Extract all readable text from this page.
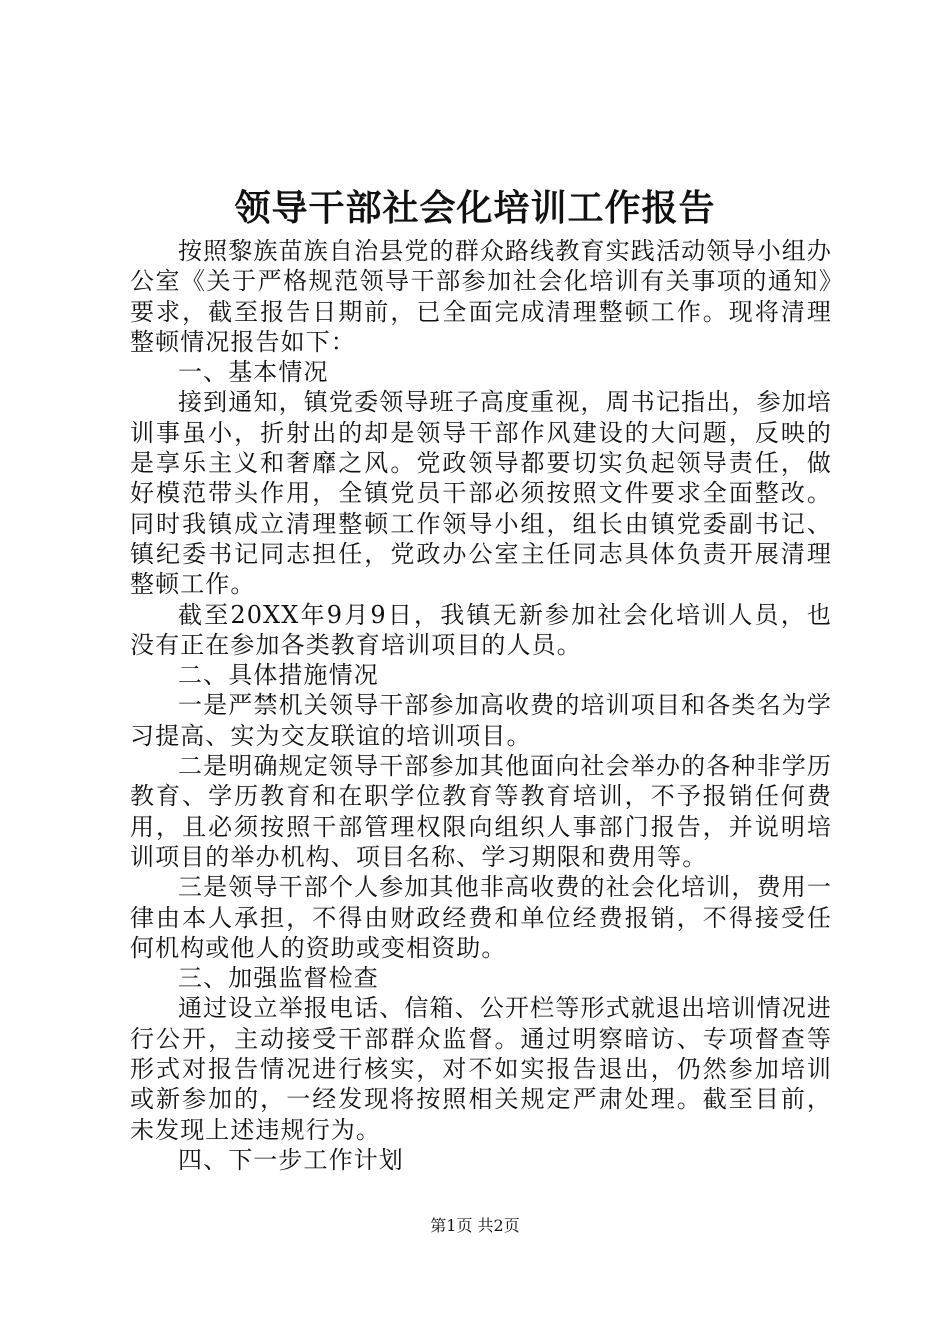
领导干部社会化培训工作报告

按照黎族苗族自治县党的群众路线教育实践活动领导小组办公室《关于严格规范领导干部参加社会化培训有关事项的通知》要求，截至报告日期前，已全面完成清理整顿工作。现将清理整顿情况报告如下：

一、基本情况

接到通知，镇党委领导班子高度重视，周书记指出，参加培训事虽小，折射出的却是领导干部作风建设的大问题，反映的是享乐主义和奢靡之风。党政领导都要切实负起领导责任，做好模范带头作用，全镇党员干部必须按照文件要求全面整改。同时我镇成立清理整顿工作领导小组，组长由镇党委副书记、镇纪委书记同志担任，党政办公室主任同志具体负责开展清理整顿工作。

截至20XX年9月9日，我镇无新参加社会化培训人员，也没有正在参加各类教育培训项目的人员。

二、具体措施情况

一是严禁机关领导干部参加高收费的培训项目和各类名为学习提高、实为交友联谊的培训项目。

二是明确规定领导干部参加其他面向社会举办的各种非学历教育、学历教育和在职学位教育等教育培训，不予报销任何费用，且必须按照干部管理权限向组织人事部门报告，并说明培训项目的举办机构、项目名称、学习期限和费用等。

三是领导干部个人参加其他非高收费的社会化培训，费用一律由本人承担，不得由财政经费和单位经费报销，不得接受任何机构或他人的资助或变相资助。

三、加强监督检查

通过设立举报电话、信箱、公开栏等形式就退出培训情况进行公开，主动接受干部群众监督。通过明察暗访、专项督查等形式对报告情况进行核实，对不如实报告退出，仍然参加培训或新参加的，一经发现将按照相关规定严肃处理。截至目前，未发现上述违规行为。

四、下一步工作计划

第1页 共2页
